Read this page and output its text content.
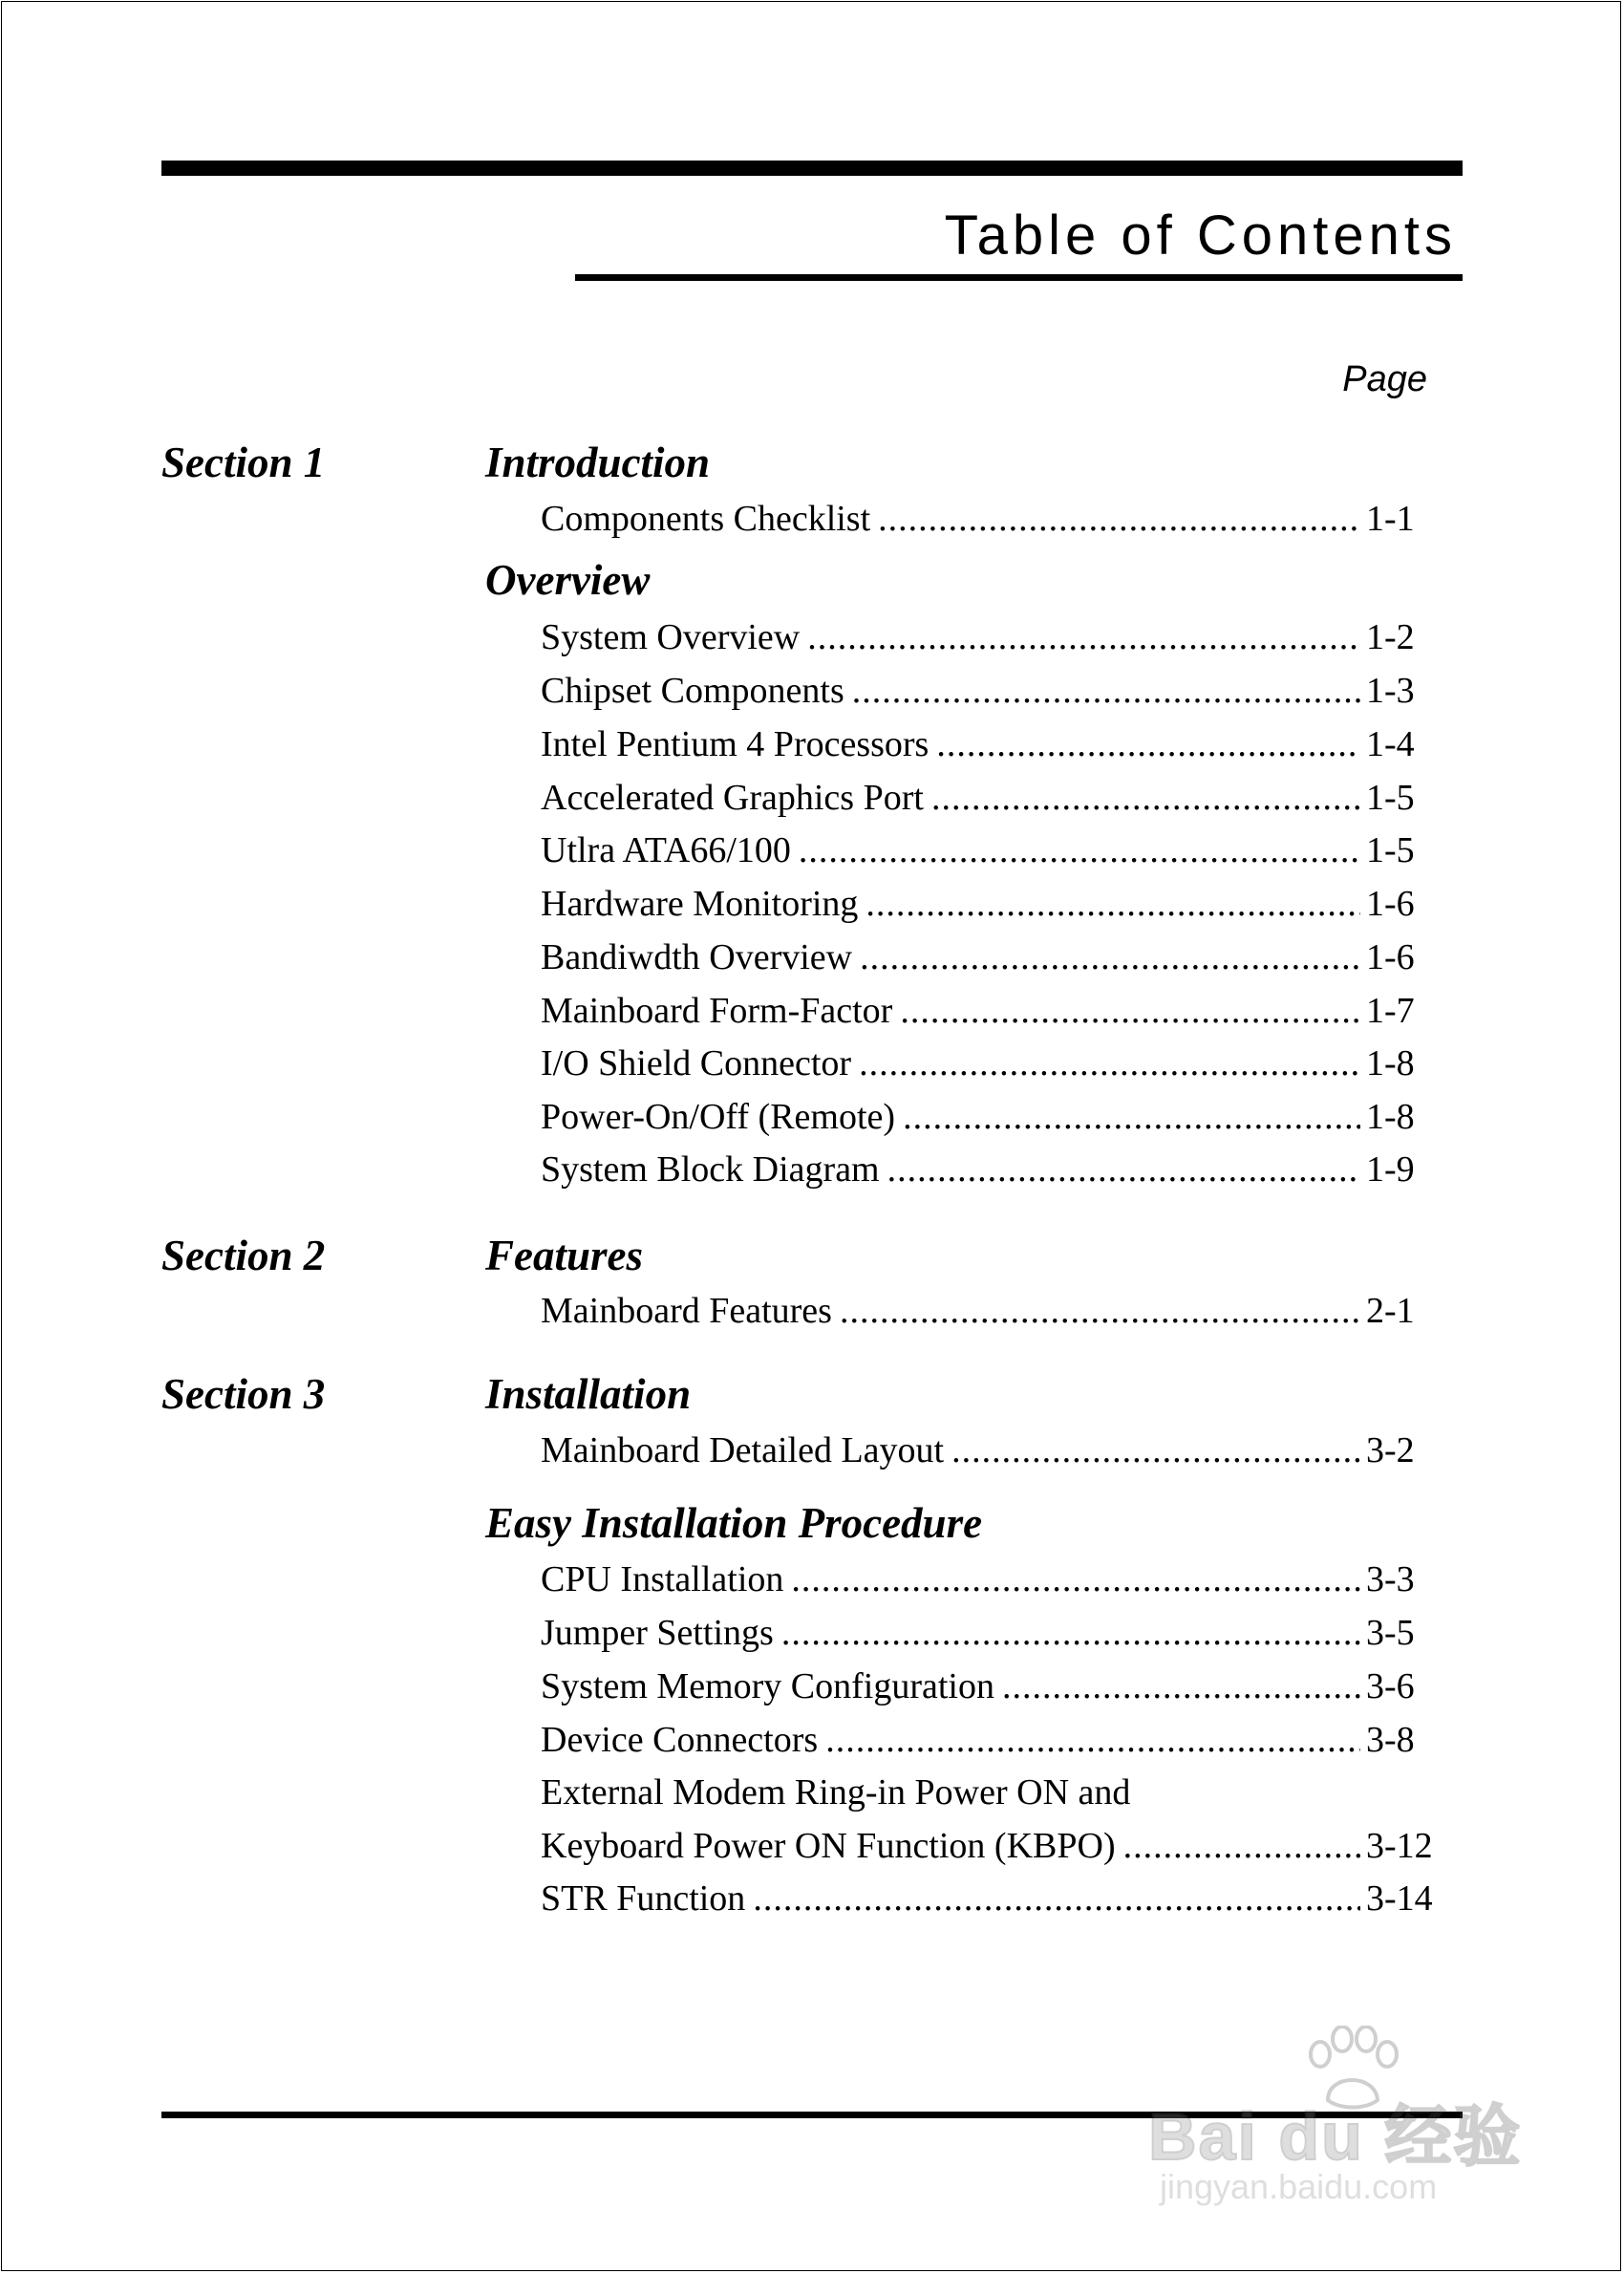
Table of Contents
Page
Section 1	Introduction
Components Checklist .....	1-1
Overview
System Overview .....	1-2
Chipset Components .....	1-3
Intel Pentium 4 Processors .....	1-4
Accelerated Graphics Port .....	1-5
Utlra ATA66/100 .....	1-5
Hardware Monitoring .....	1-6
Bandiwdth Overview .....	1-6
Mainboard Form-Factor .....	1-7
I/O Shield Connector .....	1-8
Power-On/Off (Remote) .....	1-8
System Block Diagram .....	1-9
Section 2	Features
Mainboard Features .....	2-1
Section 3	Installation
Mainboard Detailed Layout .....	3-2
Easy Installation Procedure
CPU Installation .....	3-3
Jumper Settings .....	3-5
System Memory Configuration .....	3-6
Device Connectors .....	3-8
External Modem Ring-in Power ON and
Keyboard Power ON Function (KBPO) .....	3-12
STR Function .....	3-14
Bai du 经验
jingyan.baidu.com
